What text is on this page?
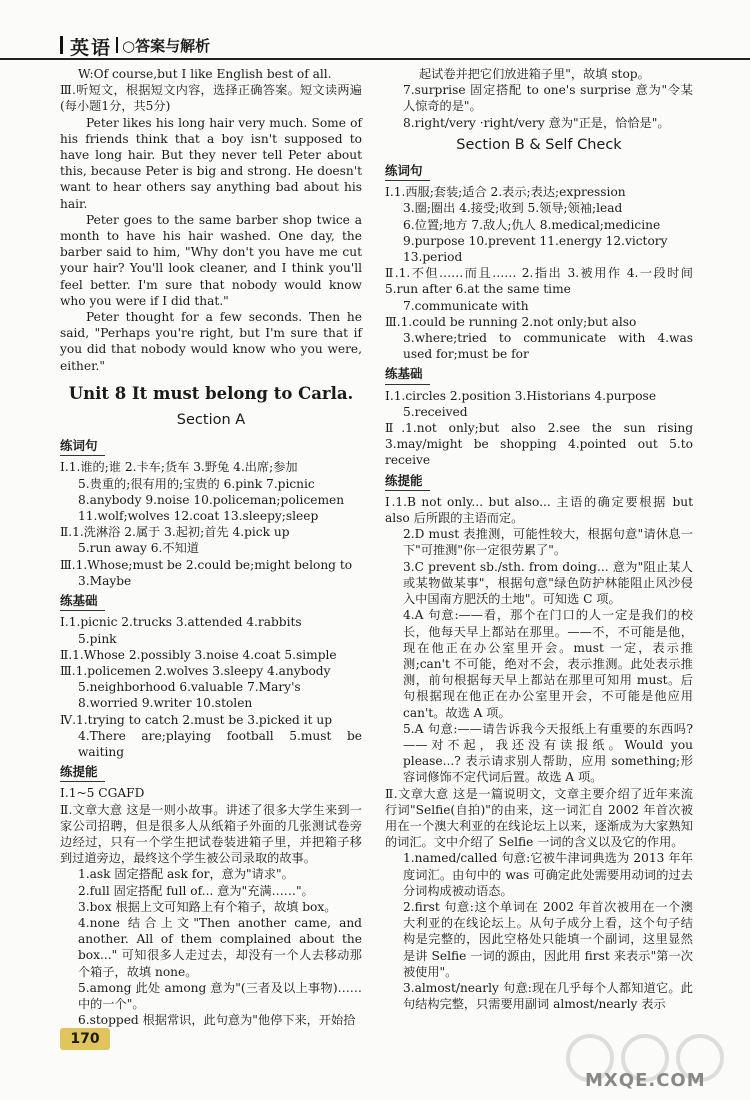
英语 ○答案与解析

W:Of course,but I like English best of all.

Ⅲ.听短文，根据短文内容，选择正确答案。短文读两遍(每小题1分，共5分)

Peter likes his long hair very much. Some of his friends think that a boy isn't supposed to have long hair. But they never tell Peter about this, because Peter is big and strong. He doesn't want to hear others say anything bad about his hair.

Peter goes to the same barber shop twice a month to have his hair washed. One day, the barber said to him, "Why don't you have me cut your hair? You'll look cleaner, and I think you'll feel better. I'm sure that nobody would know who you were if I did that."

Peter thought for a few seconds. Then he said, "Perhaps you're right, but I'm sure that if you did that nobody would know who you were, either."

Unit 8 It must belong to Carla.

Section A

练词句

Ⅰ.1.谁的;谁 2.卡车;货车 3.野兔 4.出席;参加

5.贵重的;很有用的;宝贵的 6.pink 7.picnic

8.anybody 9.noise 10.policeman;policemen

11.wolf;wolves 12.coat 13.sleepy;sleep

Ⅱ.1.洗淋浴 2.属于 3.起初;首先 4.pick up

5.run away 6.不知道

Ⅲ.1.Whose;must be 2.could be;might belong to

3.Maybe

练基础

Ⅰ.1.picnic 2.trucks 3.attended 4.rabbits

5.pink

Ⅱ.1.Whose 2.possibly 3.noise 4.coat 5.simple

Ⅲ.1.policemen 2.wolves 3.sleepy 4.anybody

5.neighborhood 6.valuable 7.Mary's

8.worried 9.writer 10.stolen

Ⅳ.1.trying to catch 2.must be 3.picked it up

4.There are;playing football 5.must be waiting

练提能

Ⅰ.1~5 CGAFD

Ⅱ.文章大意 这是一则小故事。讲述了很多大学生来到一家公司招聘，但是很多人从纸箱子外面的几张测试卷旁边经过，只有一个学生把试卷装进箱子里，并把箱子移到过道旁边，最终这个学生被公司录取的故事。

1.ask 固定搭配 ask for，意为"请求"。

2.full 固定搭配 full of... 意为"充满……"。

3.box 根据上文可知路上有个箱子，故填 box。

4.none 结合上文"Then another came, and another. All of them complained about the box..." 可知很多人走过去，却没有一个人去移动那个箱子，故填 none。

5.among 此处 among 意为"(三者及以上事物)……中的一个"。

6.stopped 根据常识，此句意为"他停下来，开始拾

起试卷并把它们放进箱子里"，故填 stop。

7.surprise 固定搭配 to one's surprise 意为"令某人惊奇的是"。

8.right/very ·right/very 意为"正是，恰恰是"。

Section B & Self Check

练词句

Ⅰ.1.西服;套装;适合 2.表示;表达;expression

3.圈;圈出 4.接受;收到 5.领导;领袖;lead

6.位置;地方 7.敌人;仇人 8.medical;medicine

9.purpose 10.prevent 11.energy 12.victory

13.period

Ⅱ.1.不但……而且…… 2.指出 3.被用作 4.一段时间 5.run after 6.at the same time

7.communicate with

Ⅲ.1.could be running 2.not only;but also

3.where;tried to communicate with 4.was used for;must be for

练基础

Ⅰ.1.circles 2.position 3.Historians 4.purpose

5.received

Ⅱ.1.not only;but also 2.see the sun rising 3.may/might be shopping 4.pointed out 5.to receive

练提能

Ⅰ.1.B not only... but also... 主语的确定要根据 but also 后所跟的主语而定。

2.D must 表推测，可能性较大，根据句意"请休息一下"可推测"你一定很劳累了"。

3.C prevent sb./sth. from doing... 意为"阻止某人或某物做某事"，根据句意"绿色防护林能阻止风沙侵入中国南方肥沃的土地"。可知选 C 项。

4.A 句意:——看，那个在门口的人一定是我们的校长，他每天早上都站在那里。——不，不可能是他，现在他正在办公室里开会。must 一定，表示推测;can't 不可能，绝对不会，表示推测。此处表示推测，前句根据每天早上都站在那里可知用 must。后句根据现在他正在办公室里开会，不可能是他应用 can't。故选 A 项。

5.A 句意:——请告诉我今天报纸上有重要的东西吗?——对不起，我还没有读报纸。Would you please...? 表示请求别人帮助，应用 something;形容词修饰不定代词后置。故选 A 项。

Ⅱ.文章大意 这是一篇说明文，文章主要介绍了近年来流行词"Selfie(自拍)"的由来，这一词汇自 2002 年首次被用在一个澳大利亚的在线论坛上以来，逐渐成为大家熟知的词汇。文中介绍了 Selfie 一词的含义以及它的作用。

1.named/called 句意:它被牛津词典选为 2013 年年度词汇。由句中的 was 可确定此处需要用动词的过去分词构成被动语态。

2.first 句意:这个单词在 2002 年首次被用在一个澳大利亚的在线论坛上。从句子成分上看，这个句子结构是完整的，因此空格处只能填一个副词，这里显然是讲 Selfie 一词的源由，因此用 first 来表示"第一次被使用"。

3.almost/nearly 句意:现在几乎每个人都知道它。此句结构完整，只需要用副词 almost/nearly 表示

170
MXQE.COM
